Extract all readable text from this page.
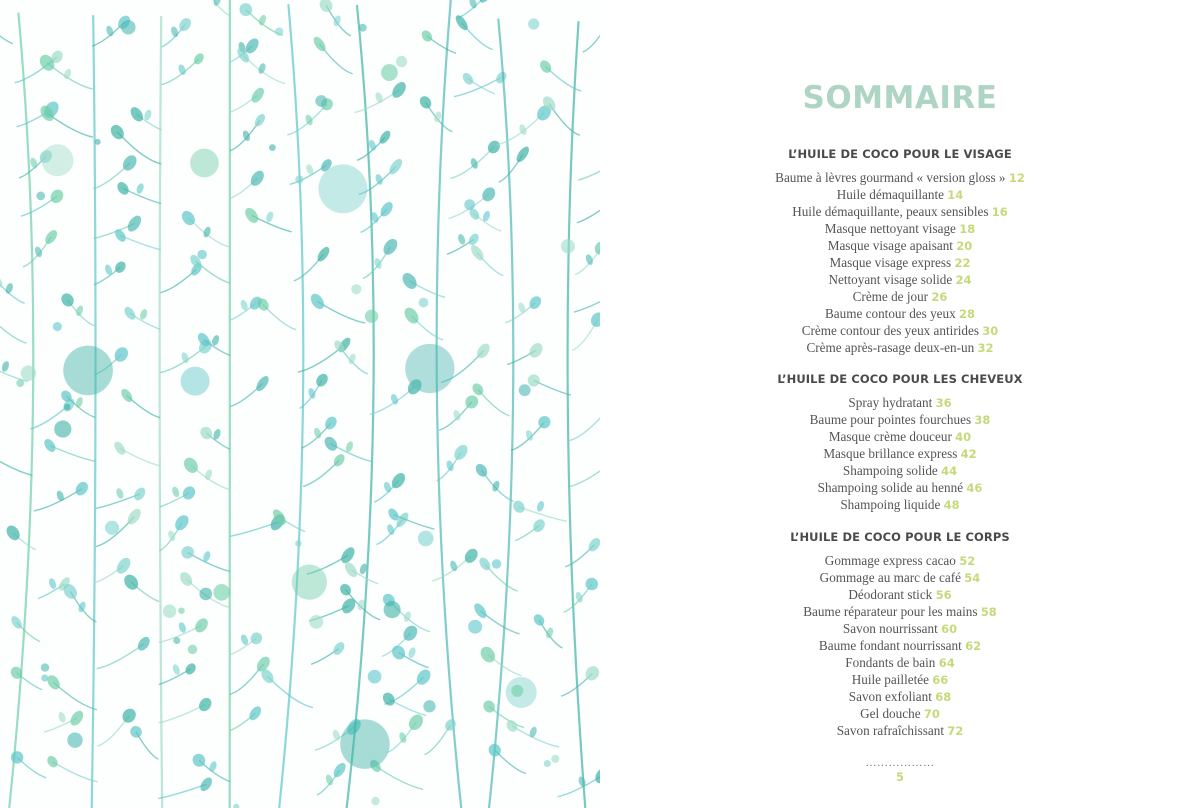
SOMMAIRE
L’HUILE DE COCO POUR LE VISAGE
Baume à lèvres gourmand « version gloss » 12
Huile démaquillante 14
Huile démaquillante, peaux sensibles 16
Masque nettoyant visage 18
Masque visage apaisant 20
Masque visage express 22
Nettoyant visage solide 24
Crème de jour 26
Baume contour des yeux 28
Crème contour des yeux antirides 30
Crème après-rasage deux-en-un 32
L’HUILE DE COCO POUR LES CHEVEUX
Spray hydratant 36
Baume pour pointes fourchues 38
Masque crème douceur 40
Masque brillance express 42
Shampoing solide 44
Shampoing solide au henné 46
Shampoing liquide 48
L’HUILE DE COCO POUR LE CORPS
Gommage express cacao 52
Gommage au marc de café 54
Déodorant stick 56
Baume réparateur pour les mains 58
Savon nourrissant 60
Baume fondant nourrissant 62
Fondants de bain 64
Huile pailletée 66
Savon exfoliant 68
Gel douche 70
Savon rafraîchissant 72
………………
5
